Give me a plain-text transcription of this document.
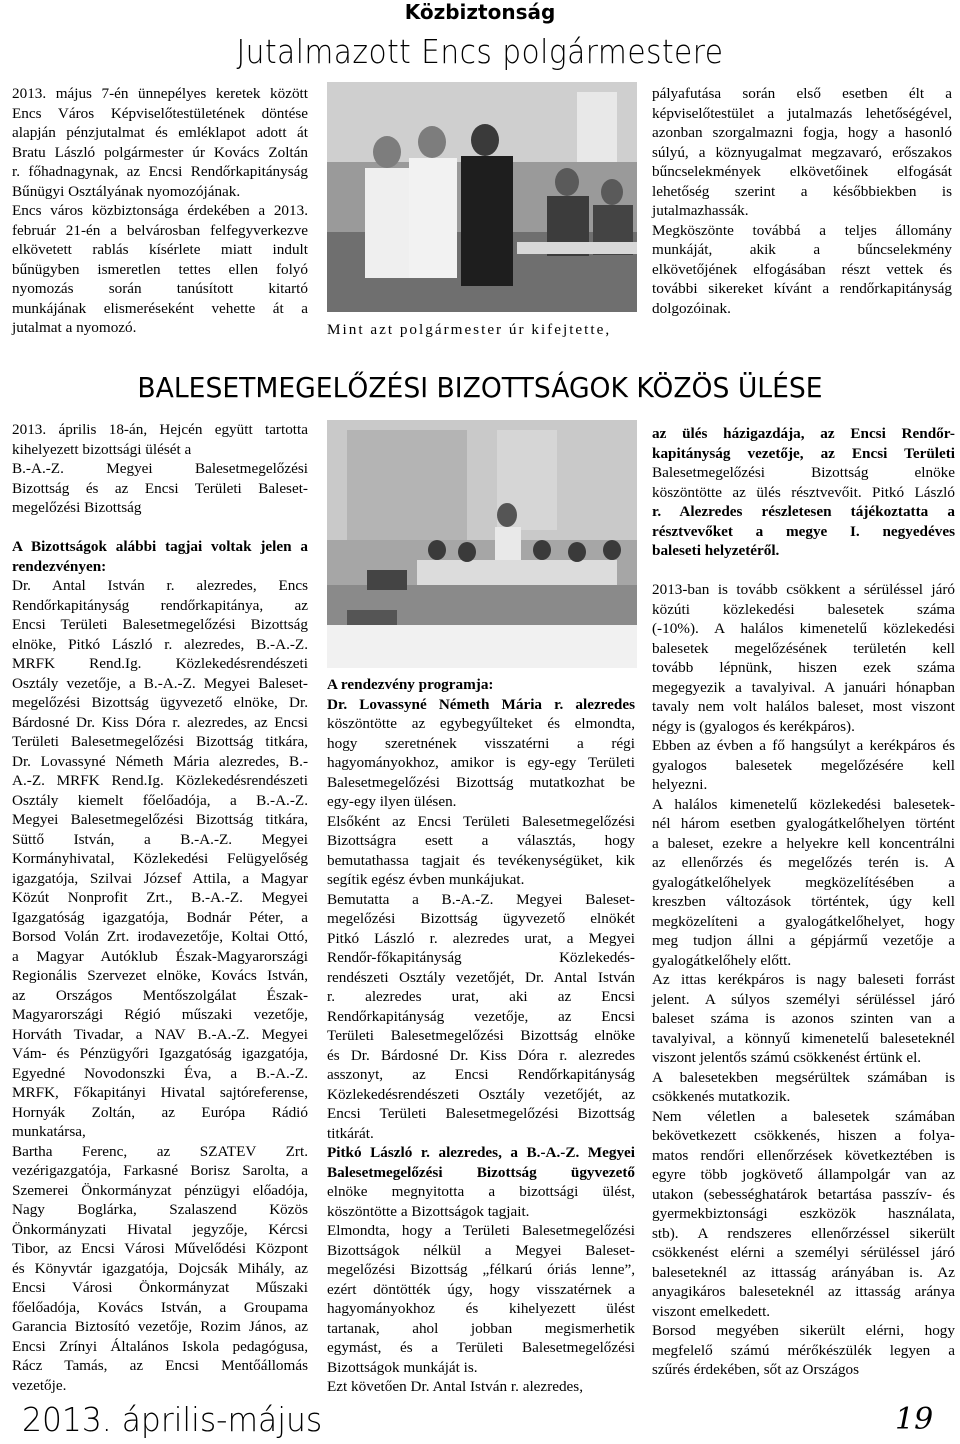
Közbiztonság
Jutalmazott Encs polgármestere
2013. május 7-én ünnepélyes keretek között
Encs Város Képviselőtestületének döntése
alapján pénzjutalmat és emléklapot adott át
Bratu László polgármester úr Kovács Zoltán
r. főhadnagynak, az Encsi Rendőrkapitányság
Bűnügyi Osztályának nyomozójának.
Encs város közbiztonsága érdekében a 2013.
február 21-én a belvárosban felfegyverkezve
elkövetett rablás kísérlete miatt indult
bűnügyben ismeretlen tettes ellen folyó
nyomozás során tanúsított kitartó
munkájának elismeréseként vehette át a
jutalmat a nyomozó.	Mint azt polgármester úr kifejtette,
pályafutása során első esetben élt a
képviselőtestület a jutalmazás lehetőségével,
azonban szorgalmazni fogja, hogy a hasonló
súlyú, a köznyugalmat megzavaró, erőszakos
bűncselekmények elkövetőinek elfogását
lehetőség szerint a későbbiekben is
jutalmazhassák.
Megköszönte továbbá a teljes állomány
munkáját, akik a bűncselekmény
elkövetőjének elfogásában részt vettek és
további sikereket kívánt a rendőrkapitányság
dolgozóinak.
BALESETMEGELŐZÉSI BIZOTTSÁGOK KÖZÖS ÜLÉSE
2013. április 18-án, Hejcén együtt tartotta
kihelyezett bizottsági ülését a
B.-A.-Z. Megyei Balesetmegelőzési
Bizottság és az Encsi Területi Baleset-
megelőzési Bizottság

A Bizottságok alábbi tagjai voltak jelen a
rendezvényen:
Dr. Antal István r. alezredes, Encs
Rendőrkapitányság rendőrkapitánya, az
Encsi Területi Balesetmegelőzési Bizottság
elnöke, Pitkó László r. alezredes, B.-A.-Z.
MRFK Rend.Ig. Közlekedésrendészeti
Osztály vezetője, a B.-A.-Z. Megyei Baleset-
megelőzési Bizottság ügyvezető elnöke, Dr.
Bárdosné Dr. Kiss Dóra r. alezredes, az Encsi
Területi Balesetmegelőzési Bizottság titkára,
Dr. Lovassyné Németh Mária alezredes, B.-
A.-Z. MRFK Rend.Ig. Közlekedésrendészeti
Osztály kiemelt főelőadója, a B.-A.-Z.
Megyei Balesetmegelőzési Bizottság titkára,
Süttő István, a B.-A.-Z. Megyei
Kormányhivatal, Közlekedési Felügyelőség
igazgatója, Szilvai József Attila, a Magyar
Közút Nonprofit Zrt., B.-A.-Z. Megyei
Igazgatóság igazgatója, Bodnár Péter, a
Borsod Volán Zrt. irodavezetője, Koltai Ottó,
a Magyar Autóklub Észak-Magyarországi
Regionális Szervezet elnöke, Kovács István,
az Országos Mentőszolgálat Észak-
Magyarországi Régió műszaki vezetője,
Horváth Tivadar, a NAV B.-A.-Z. Megyei
Vám- és Pénzügyőri Igazgatóság igazgatója,
Egyedné Novodonszki Éva, a B.-A.-Z.
MRFK, Főkapitányi Hivatal sajtóreferense,
Hornyák Zoltán, az Európa Rádió
munkatársa,
Bartha Ferenc, az SZATEV Zrt.
vezérigazgatója, Farkasné Borisz Sarolta, a
Szemerei Önkormányzat pénzügyi előadója,
Nagy Boglárka, Szalaszend Közös
Önkormányzati Hivatal jegyzője, Kércsi
Tibor, az Encsi Városi Művelődési Központ
és Könyvtár igazgatója, Dojcsák Mihály, az
Encsi Városi Önkormányzat Műszaki
főelőadója, Kovács István, a Groupama
Garancia Biztosító vezetője, Rozim János, az
Encsi Zrínyi Általános Iskola pedagógusa,
Rácz Tamás, az Encsi Mentőállomás
vezetője.
A rendezvény programja:
Dr. Lovassyné Németh Mária r. alezredes
köszöntötte az egybegyűlteket és elmondta,
hogy szeretnének visszatérni a régi
hagyományokhoz, amikor is egy-egy Területi
Balesetmegelőzési Bizottság mutatkozhat be
egy-egy ilyen ülésen.
Elsőként az Encsi Területi Balesetmegelőzési
Bizottságra esett a választás, hogy
bemutathassa tagjait és tevékenységüket, kik
segítik egész évben munkájukat.
Bemutatta a B.-A.-Z. Megyei Baleset-
megelőzési Bizottság ügyvezető elnökét
Pitkó László r. alezredes urat, a Megyei
Rendőr-főkapitányság Közlekedés-
rendészeti Osztály vezetőjét, Dr. Antal István
r. alezredes urat, aki az Encsi
Rendőrkapitányság vezetője, az Encsi
Területi Balesetmegelőzési Bizottság elnöke
és Dr. Bárdosné Dr. Kiss Dóra r. alezredes
asszonyt, az Encsi Rendőrkapitányság
Közlekedésrendészeti Osztály vezetőjét, az
Encsi Területi Balesetmegelőzési Bizottság
titkárát.
Pitkó László r. alezredes, a B.-A.-Z. Megyei
Balesetmegelőzési Bizottság ügyvezető
elnöke megnyitotta a bizottsági ülést,
köszöntötte a Bizottságok tagjait.
Elmondta, hogy a Területi Balesetmegelőzési
Bizottságok nélkül a Megyei Baleset-
megelőzési Bizottság „félkarú óriás lenne”,
ezért döntötték úgy, hogy visszatérnek a
hagyományokhoz és kihelyezett ülést
tartanak, ahol jobban megismerhetik
egymást, és a Területi Balesetmegelőzési
Bizottságok munkáját is.
Ezt követően Dr. Antal István r. alezredes,
az ülés házigazdája, az Encsi Rendőr-
kapitányság vezetője, az Encsi Területi
Balesetmegelőzési Bizottság elnöke
köszöntötte az ülés résztvevőit. Pitkó László
r. Alezredes részletesen tájékoztatta a
résztvevőket a megye I. negyedéves
baleseti helyzetéről.

2013-ban is tovább csökkent a sérüléssel járó
közúti közlekedési balesetek száma
(-10%). A halálos kimenetelű közlekedési
balesetek megelőzésének területén kell
tovább lépnünk, hiszen ezek száma
megegyezik a tavalyival. A januári hónapban
tavaly nem volt halálos baleset, most viszont
négy is (gyalogos és kerékpáros).
Ebben az évben a fő hangsúlyt a kerékpáros és
gyalogos balesetek megelőzésére kell
helyezni.
A halálos kimenetelű közlekedési balesetek-
nél három esetben gyalogátkelőhelyen történt
a baleset, ezekre a helyekre kell koncentrálni
az ellenőrzés és megelőzés terén is. A
gyalogátkelőhelyek megközelítésében a
kreszben változások történtek, úgy kell
megközelíteni a gyalogátkelőhelyet, hogy
meg tudjon állni a gépjármű vezetője a
gyalogátkelőhely előtt.
Az ittas kerékpáros is nagy baleseti forrást
jelent. A súlyos személyi sérüléssel járó
baleset száma is azonos szinten van a
tavalyival, a könnyű kimenetelű baleseteknél
viszont jelentős számú csökkenést értünk el.
A balesetekben megsérültek számában is
csökkenés mutatkozik.
Nem véletlen a balesetek számában
bekövetkezett csökkenés, hiszen a folya-
matos rendőri ellenőrzések következtében is
egyre több jogkövető állampolgár van az
utakon (sebességhatárok betartása passzív- és
gyermekbiztonsági eszközök használata,
stb). A rendszeres ellenőrzéssel sikerült
csökkenést elérni a személyi sérüléssel járó
baleseteknél az ittasság arányában is. Az
anyagikáros baleseteknél az ittasság aránya
viszont emelkedett.
Borsod megyében sikerült elérni, hogy
megfelelő számú mérőkészülék legyen a
szűrés érdekében, sőt az Országos
2013. április-május	19
